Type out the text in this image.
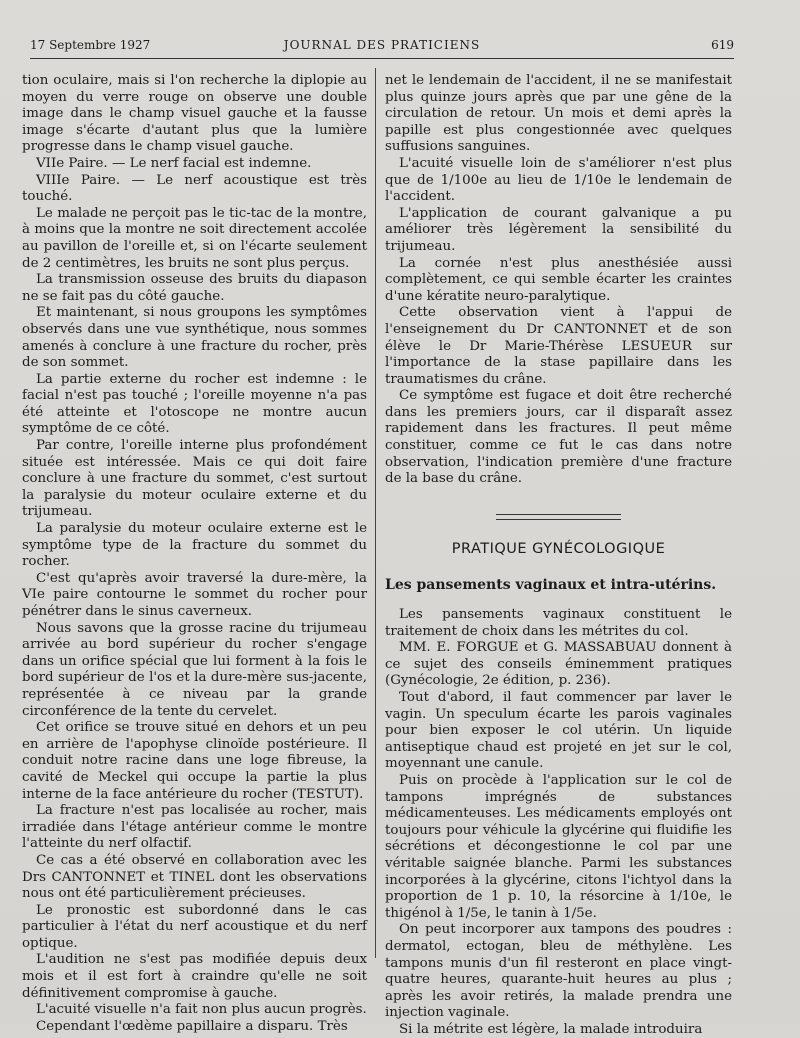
17 Septembre 1927	JOURNAL DES PRATICIENS	619

tion oculaire, mais si l'on recherche la diplopie au moyen du verre rouge on observe une double image dans le champ visuel gauche et la fausse image s'écarte d'autant plus que la lumière progresse dans le champ visuel gauche.

VIIe Paire. — Le nerf facial est indemne.

VIIIe Paire. — Le nerf acoustique est très touché.

Le malade ne perçoit pas le tic-tac de la montre, à moins que la montre ne soit directement accolée au pavillon de l'oreille et, si on l'écarte seulement de 2 centimètres, les bruits ne sont plus perçus.

La transmission osseuse des bruits du diapason ne se fait pas du côté gauche.

Et maintenant, si nous groupons les symptômes observés dans une vue synthétique, nous sommes amenés à conclure à une fracture du rocher, près de son sommet.

La partie externe du rocher est indemne : le facial n'est pas touché ; l'oreille moyenne n'a pas été atteinte et l'otoscope ne montre aucun symptôme de ce côté.

Par contre, l'oreille interne plus profondément située est intéressée. Mais ce qui doit faire conclure à une fracture du sommet, c'est surtout la paralysie du moteur oculaire externe et du trijumeau.

La paralysie du moteur oculaire externe est le symptôme type de la fracture du sommet du rocher.

C'est qu'après avoir traversé la dure-mère, la VIe paire contourne le sommet du rocher pour pénétrer dans le sinus caverneux.

Nous savons que la grosse racine du trijumeau arrivée au bord supérieur du rocher s'engage dans un orifice spécial que lui forment à la fois le bord supérieur de l'os et la dure-mère sus-jacente, représentée à ce niveau par la grande circonférence de la tente du cervelet.

Cet orifice se trouve situé en dehors et un peu en arrière de l'apophyse clinoïde postérieure. Il conduit notre racine dans une loge fibreuse, la cavité de Meckel qui occupe la partie la plus interne de la face antérieure du rocher (TESTUT).

La fracture n'est pas localisée au rocher, mais irradiée dans l'étage antérieur comme le montre l'atteinte du nerf olfactif.

Ce cas a été observé en collaboration avec les Drs CANTONNET et TINEL dont les observations nous ont été particulièrement précieuses.

Le pronostic est subordonné dans le cas particulier à l'état du nerf acoustique et du nerf optique.

L'audition ne s'est pas modifiée depuis deux mois et il est fort à craindre qu'elle ne soit définitivement compromise à gauche.

L'acuité visuelle n'a fait non plus aucun progrès.

Cependant l'œdème papillaire a disparu. Très

net le lendemain de l'accident, il ne se manifestait plus quinze jours après que par une gêne de la circulation de retour. Un mois et demi après la papille est plus congestionnée avec quelques suffusions sanguines.

L'acuité visuelle loin de s'améliorer n'est plus que de 1/100e au lieu de 1/10e le lendemain de l'accident.

L'application de courant galvanique a pu améliorer très légèrement la sensibilité du trijumeau.

La cornée n'est plus anesthésiée aussi complètement, ce qui semble écarter les craintes d'une kératite neuro-paralytique.

Cette observation vient à l'appui de l'enseignement du Dr CANTONNET et de son élève le Dr Marie-Thérèse LESUEUR sur l'importance de la stase papillaire dans les traumatismes du crâne.

Ce symptôme est fugace et doit être recherché dans les premiers jours, car il disparaît assez rapidement dans les fractures. Il peut même constituer, comme ce fut le cas dans notre observation, l'indication première d'une fracture de la base du crâne.

PRATIQUE GYNÉCOLOGIQUE
Les pansements vaginaux et intra-utérins.

Les pansements vaginaux constituent le traitement de choix dans les métrites du col.

MM. E. FORGUE et G. MASSABUAU donnent à ce sujet des conseils éminemment pratiques (Gynécologie, 2e édition, p. 236).

Tout d'abord, il faut commencer par laver le vagin. Un speculum écarte les parois vaginales pour bien exposer le col utérin. Un liquide antiseptique chaud est projeté en jet sur le col, moyennant une canule.

Puis on procède à l'application sur le col de tampons imprégnés de substances médicamenteuses. Les médicaments employés ont toujours pour véhicule la glycérine qui fluidifie les sécrétions et décongestionne le col par une véritable saignée blanche. Parmi les substances incorporées à la glycérine, citons l'ichtyol dans la proportion de 1 p. 10, la résorcine à 1/10e, le thigénol à 1/5e, le tanin à 1/5e.

On peut incorporer aux tampons des poudres : dermatol, ectogan, bleu de méthylène. Les tampons munis d'un fil resteront en place vingt-quatre heures, quarante-huit heures au plus ; après les avoir retirés, la malade prendra une injection vaginale.

Si la métrite est légère, la malade introduira
